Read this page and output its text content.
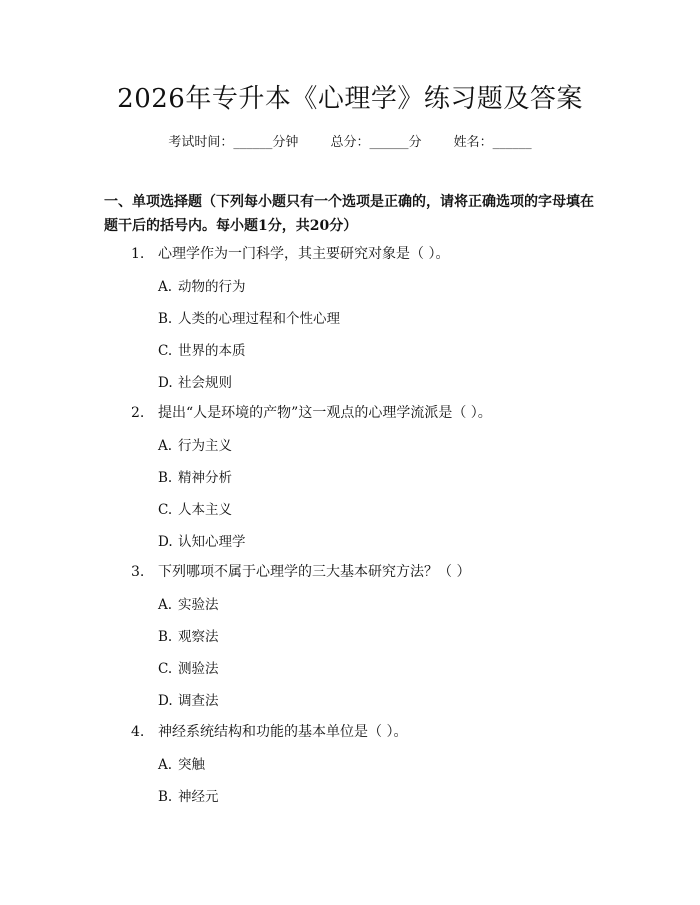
2026年专升本《心理学》练习题及答案
考试时间：______分钟 总分：______分 姓名：______
一、单项选择题（下列每小题只有一个选项是正确的，请将正确选项的字母填在题干后的括号内。每小题1分，共20分）
1. 心理学作为一门科学，其主要研究对象是（ ）。
A. 动物的行为
B. 人类的心理过程和个性心理
C. 世界的本质
D. 社会规则
2. 提出“人是环境的产物”这一观点的心理学流派是（ ）。
A. 行为主义
B. 精神分析
C. 人本主义
D. 认知心理学
3. 下列哪项不属于心理学的三大基本研究方法？（ ）
A. 实验法
B. 观察法
C. 测验法
D. 调查法
4. 神经系统结构和功能的基本单位是（ ）。
A. 突触
B. 神经元
